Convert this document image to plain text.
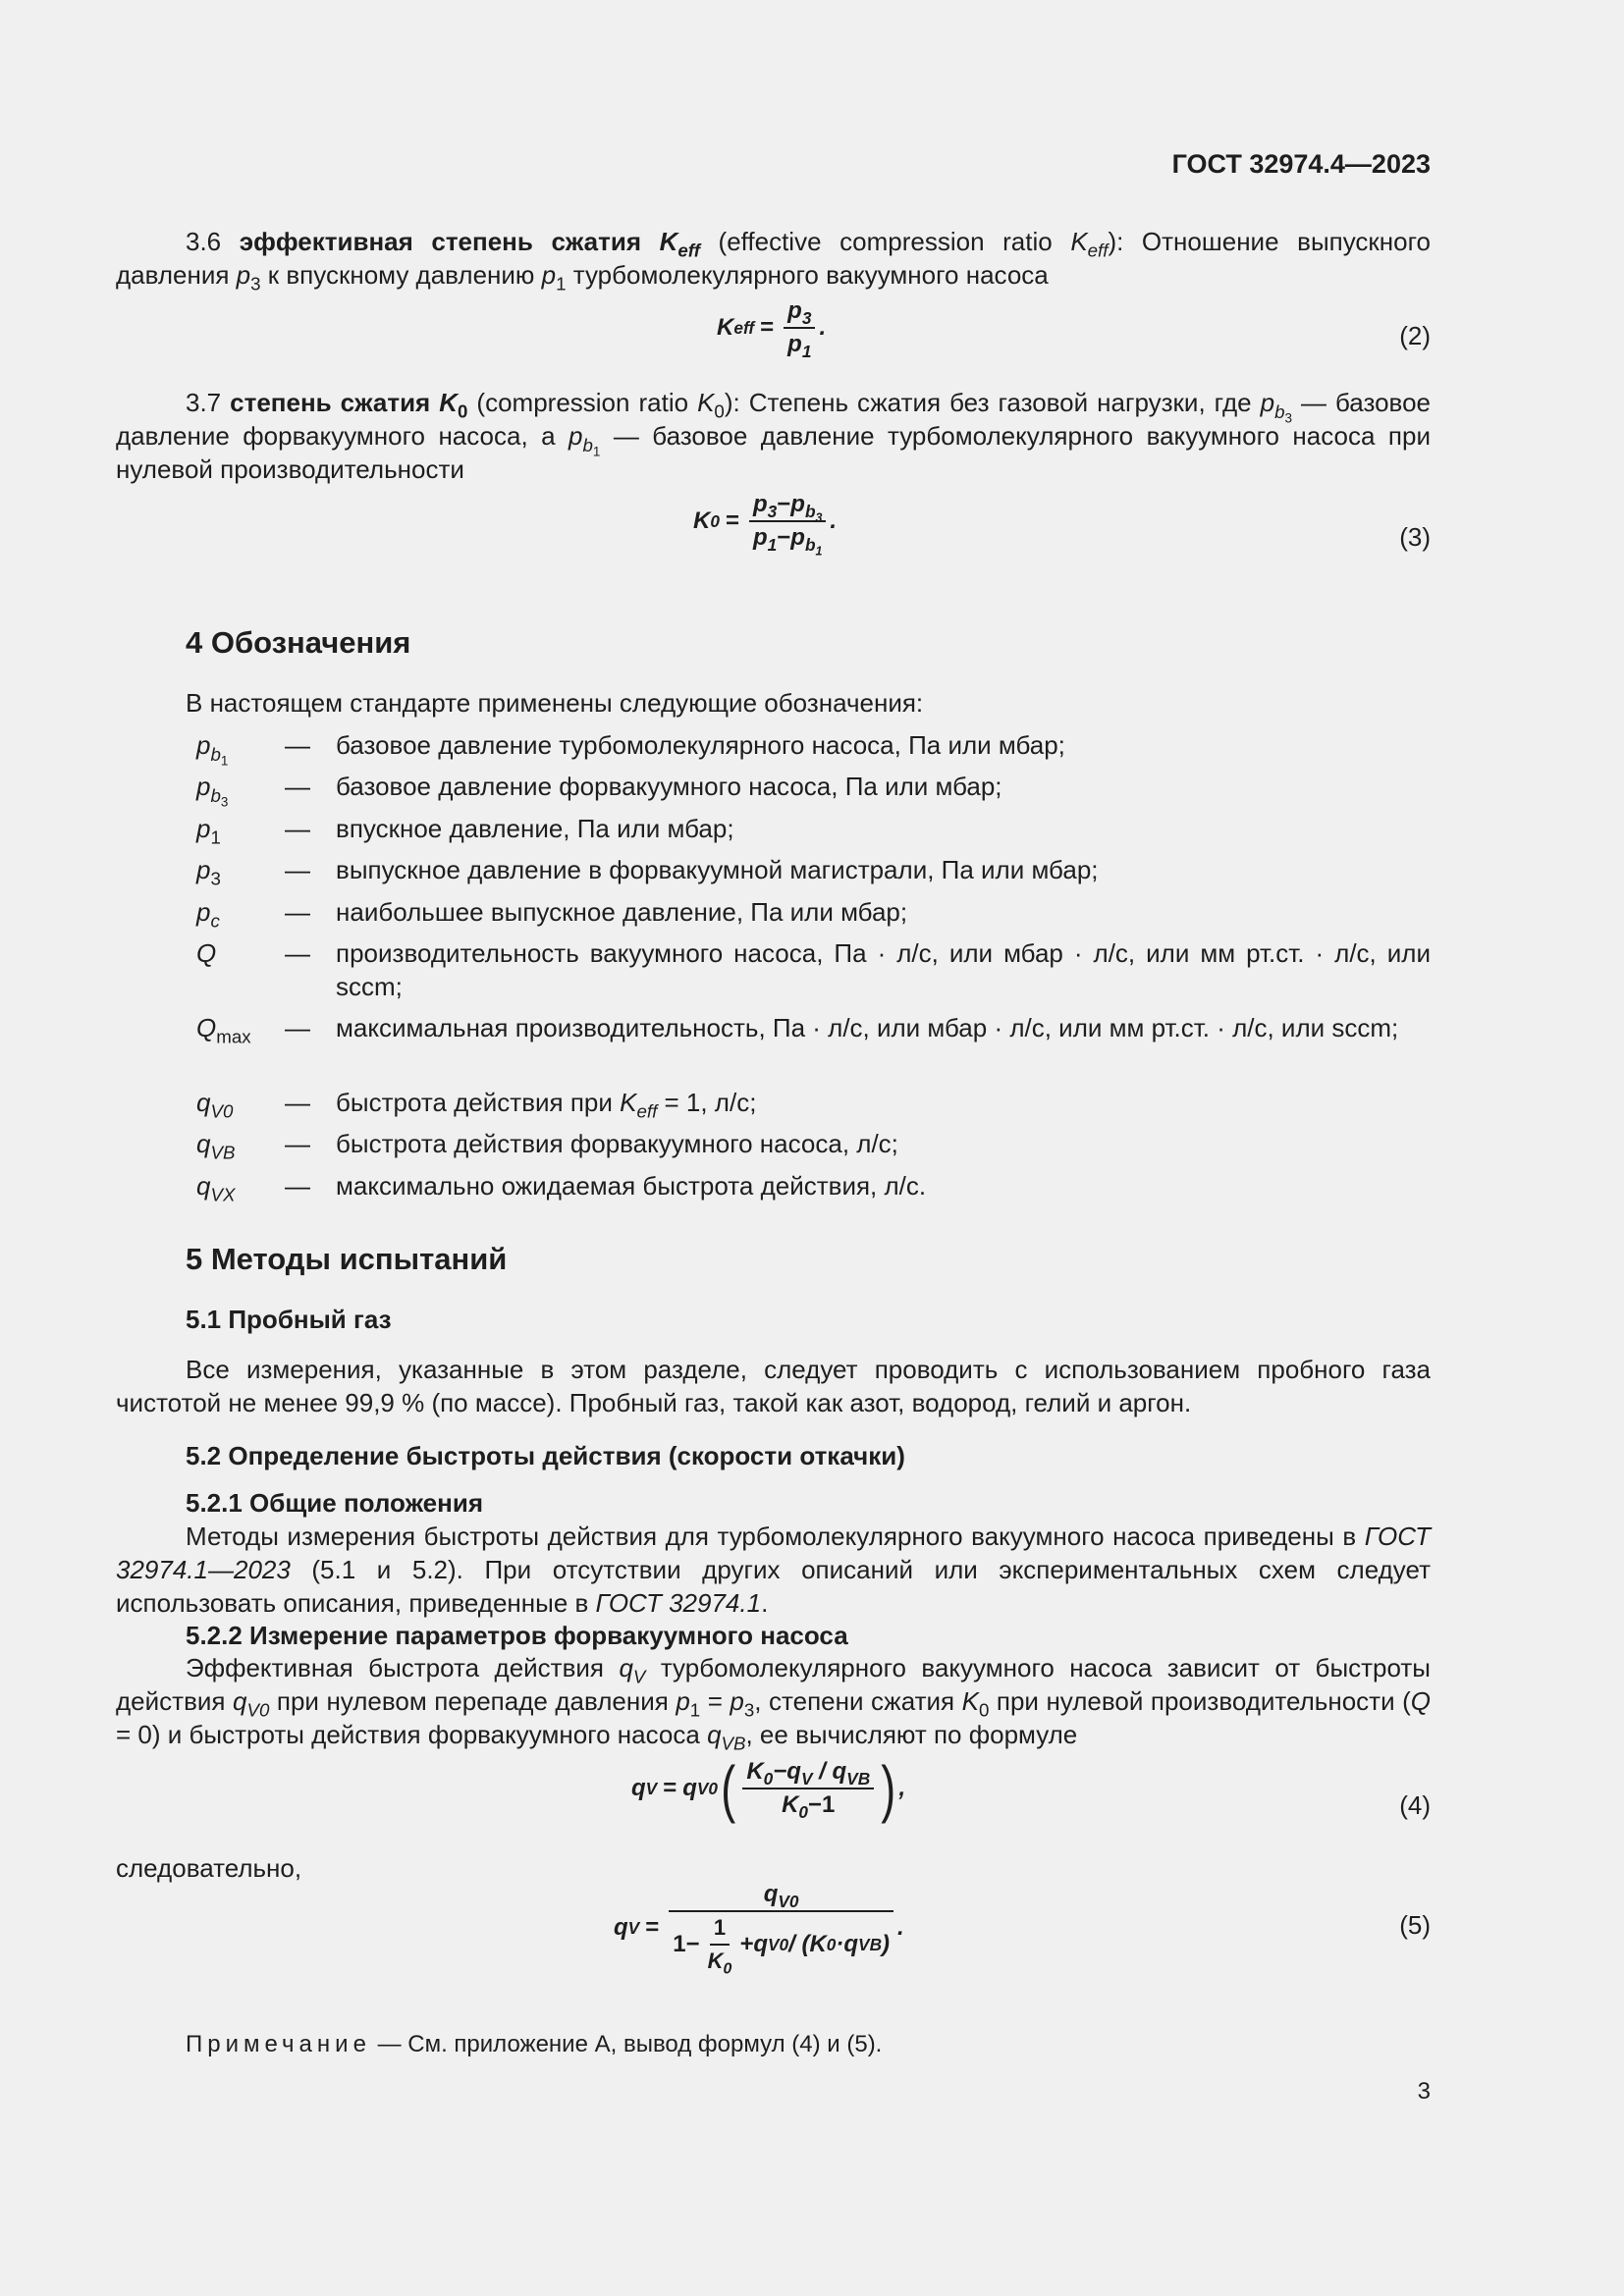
ГОСТ 32974.4—2023
3.6 эффективная степень сжатия $K_{eff}$ (effective compression ratio $K_{eff}$): Отношение выпускного давления $p_3$ к впускному давлению $p_1$ турбомолекулярного вакуумного насоса
K eff = $\frac{p_3}{p_1}$ .	(2)
3.7 степень сжатия $K_0$ (compression ratio $K_0$): Степень сжатия без газовой нагрузки, где $p_{b_3}$ — базовое давление форвакуумного насоса, а $p_{b_1}$ — базовое давление турбомолекулярного вакуумного насоса при нулевой производительности
K $0 = \frac{p_3-p_{b_3}}{p_1-p_{b_1}}$ .
(3)
4 Обозначения
В настоящем стандарте применены следующие обозначения:
$p_{b_1}$
— базовое давление турбомолекулярного насоса, Па или мбар;
$p_{b_3}$
— базовое давление форвакуумного насоса, Па или мбар;
$p_1$	— впускное давление, Па или мбар;
$p_3$	— выпускное давление в форвакуумной магистрали, Па или мбар;
$p_c$	— наибольшее выпускное давление, Па или мбар;
Q	— производительность вакуумного насоса, Па · л/с, или мбар · л/с, или мм рт.ст. · л/с, или sccm;
$Q_{max}$ — максимальная производительность, Па · л/с, или мбар · л/с, или мм рт.ст. · л/с, или sccm;
$q_{V0}$ — быстрота действия при $K_{eff} = 1$, л/с;
$q_{VB}$ — быстрота действия форвакуумного насоса, л/с;
$q_{VX}$ — максимально ожидаемая быстрота действия, л/с.
5 Методы испытаний
5.1 Пробный газ
Все измерения, указанные в этом разделе, следует проводить с использованием пробного газа чистотой не менее 99,9 % (по массе). Пробный газ, такой как азот, водород, гелий и аргон.
5.2 Определение быстроты действия (скорости откачки)
5.2.1 Общие положения
Методы измерения быстроты действия для турбомолекулярного вакуумного насоса приведены в ГОСТ 32974.1—2023 (5.1 и 5.2). При отсутствии других описаний или экспериментальных схем следует использовать описания, приведенные в ГОСТ 32974.1.
5.2.2 Измерение параметров форвакуумного насоса
Эффективная быстрота действия $q_V$ турбомолекулярного вакуумного насоса зависит от быстроты действия $q_{V0}$ при нулевом перепаде давления $p_1 = p_3$, степени сжатия $K_0$ при нулевой производительности (Q = 0) и быстроты действия форвакуумного насоса $q_{VB}$, ее вычисляют по формуле
q V = q V0 ( $\frac{K_0-q_V / q_{VB}}{K_0-1}$ ) ,
(4)
следовательно,
q V =
$q_{V0}$
$1- \frac{1}{K_0} +q$ V0 / (K 0 ·q VB )
.	(5)
Примечание — См. приложение А, вывод формул (4) и (5).
3
